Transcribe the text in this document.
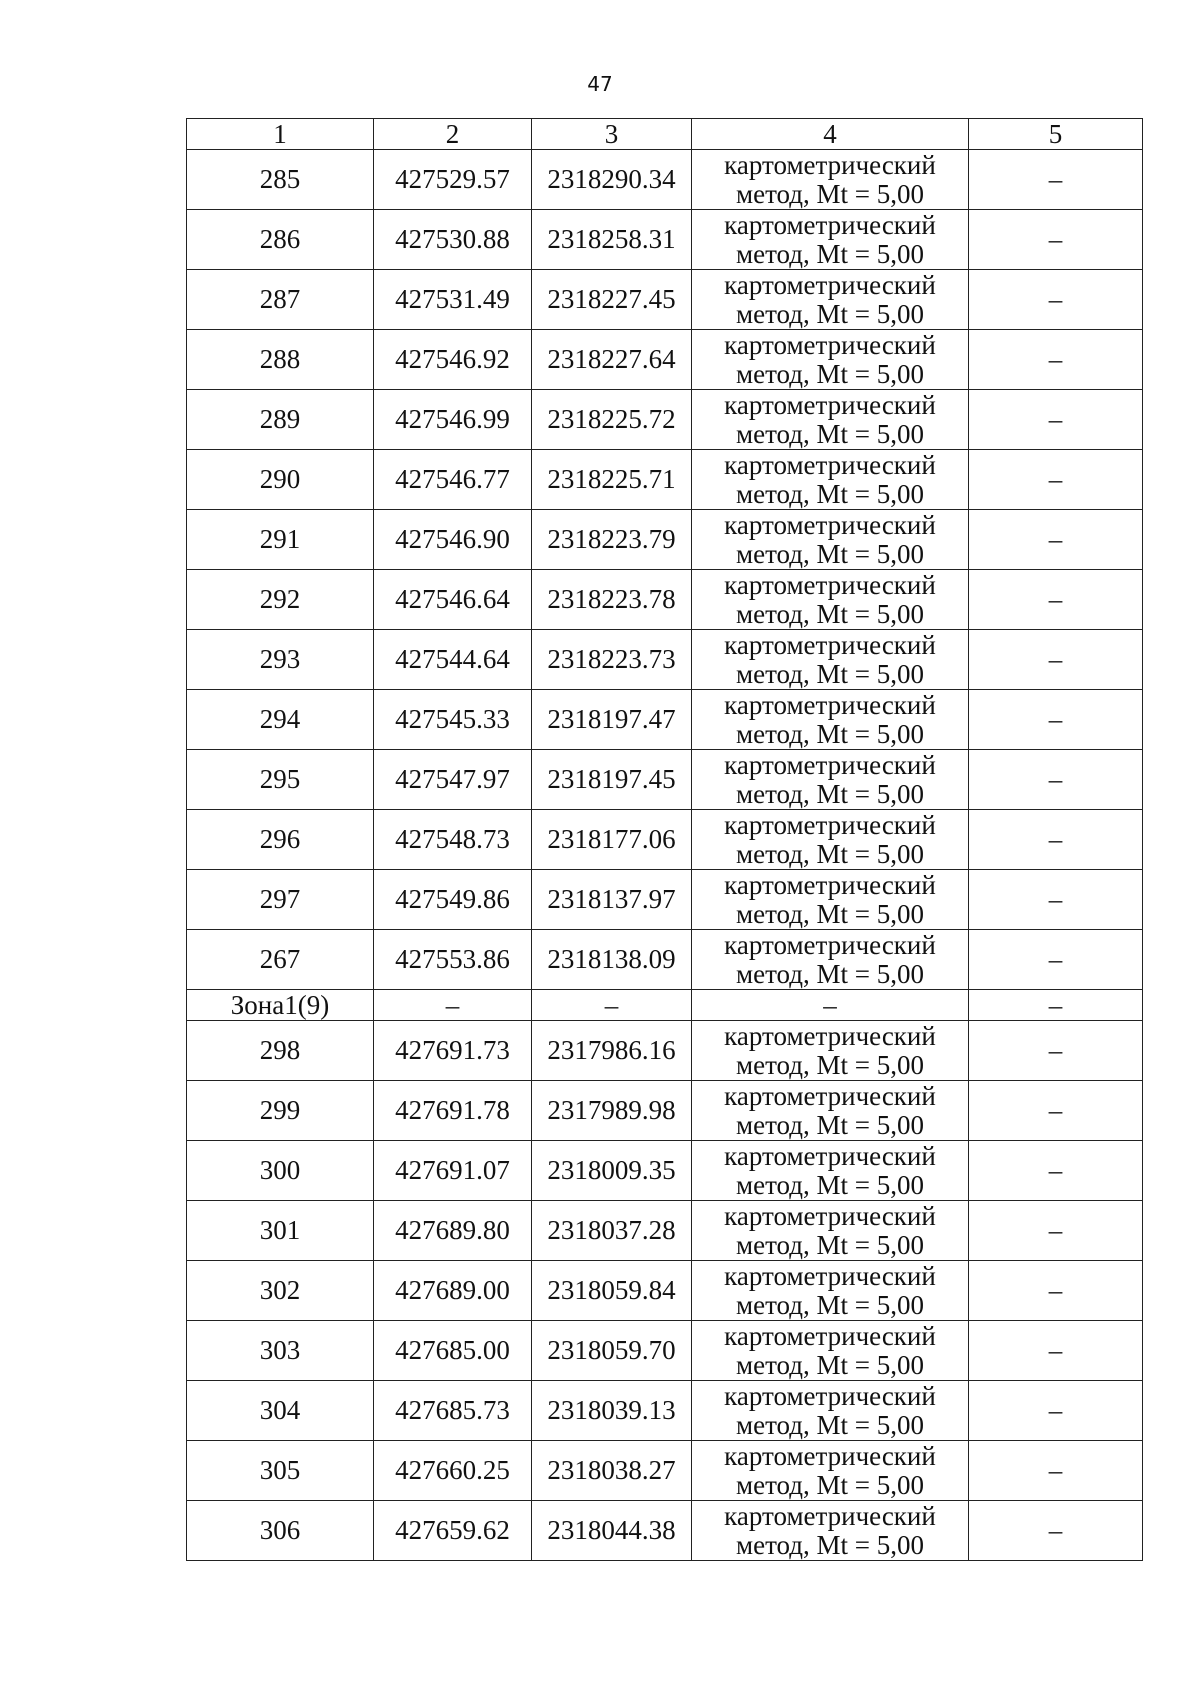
47
1	2	3	4	5
285	427529.57	2318290.34	картометрический
метод, Mt = 5,00	–
286	427530.88	2318258.31	картометрический
метод, Mt = 5,00	–
287	427531.49	2318227.45	картометрический
метод, Mt = 5,00	–
288	427546.92	2318227.64	картометрический
метод, Mt = 5,00	–
289	427546.99	2318225.72	картометрический
метод, Mt = 5,00	–
290	427546.77	2318225.71	картометрический
метод, Mt = 5,00	–
291	427546.90	2318223.79	картометрический
метод, Mt = 5,00	–
292	427546.64	2318223.78	картометрический
метод, Mt = 5,00	–
293	427544.64	2318223.73	картометрический
метод, Mt = 5,00	–
294	427545.33	2318197.47	картометрический
метод, Mt = 5,00	–
295	427547.97	2318197.45	картометрический
метод, Mt = 5,00	–
296	427548.73	2318177.06	картометрический
метод, Mt = 5,00	–
297	427549.86	2318137.97	картометрический
метод, Mt = 5,00	–
267	427553.86	2318138.09	картометрический
метод, Mt = 5,00	–
Зона1(9)	–	–	–	–
298	427691.73	2317986.16	картометрический
метод, Mt = 5,00	–
299	427691.78	2317989.98	картометрический
метод, Mt = 5,00	–
300	427691.07	2318009.35	картометрический
метод, Mt = 5,00	–
301	427689.80	2318037.28	картометрический
метод, Mt = 5,00	–
302	427689.00	2318059.84	картометрический
метод, Mt = 5,00	–
303	427685.00	2318059.70	картометрический
метод, Mt = 5,00	–
304	427685.73	2318039.13	картометрический
метод, Mt = 5,00	–
305	427660.25	2318038.27	картометрический
метод, Mt = 5,00	–
306	427659.62	2318044.38	картометрический
метод, Mt = 5,00	–
